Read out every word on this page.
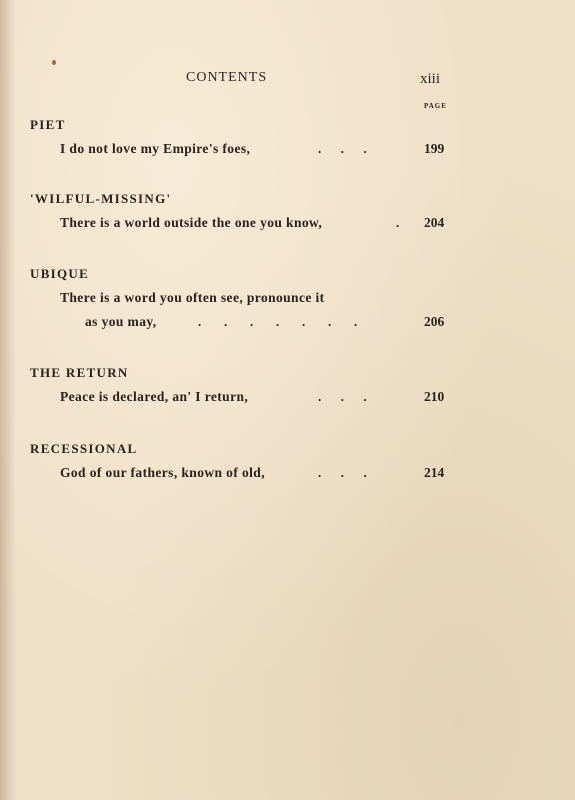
CONTENTS	xiii
PAGE
PIET
I do not love my Empire's foes,	.      .      .	199
'WILFUL-MISSING'
There is a world outside the one you know,	. 204
UBIQUE
There is a word you often see, pronounce it
as you may,	.       .       .       .       .       .       .	206
THE RETURN
Peace is declared, an' I return,	.      .      .	210
RECESSIONAL
God of our fathers, known of old,	.      .      .	214
